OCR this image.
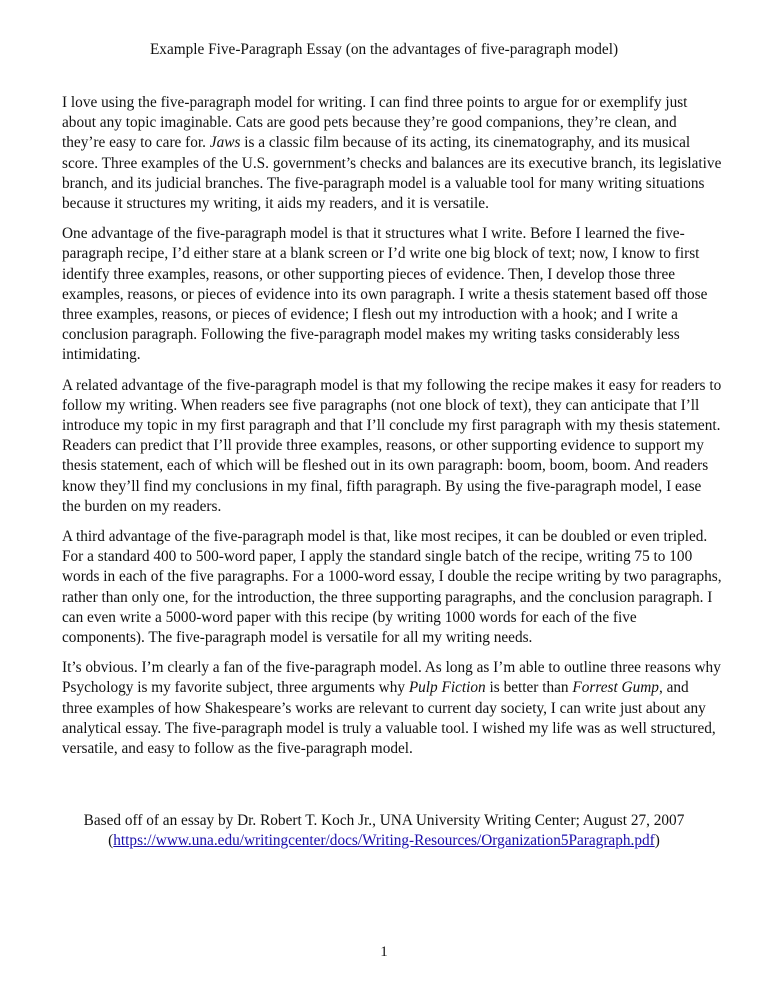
Example Five-Paragraph Essay (on the advantages of five-paragraph model)

I love using the five-paragraph model for writing. I can find three points to argue for or exemplify just about any topic imaginable. Cats are good pets because they’re good companions, they’re clean, and they’re easy to care for. Jaws is a classic film because of its acting, its cinematography, and its musical score. Three examples of the U.S. government’s checks and balances are its executive branch, its legislative branch, and its judicial branches. The five-paragraph model is a valuable tool for many writing situations because it structures my writing, it aids my readers, and it is versatile.

One advantage of the five-paragraph model is that it structures what I write. Before I learned the five-paragraph recipe, I’d either stare at a blank screen or I’d write one big block of text; now, I know to first identify three examples, reasons, or other supporting pieces of evidence. Then, I develop those three examples, reasons, or pieces of evidence into its own paragraph. I write a thesis statement based off those three examples, reasons, or pieces of evidence; I flesh out my introduction with a hook; and I write a conclusion paragraph. Following the five-paragraph model makes my writing tasks considerably less intimidating.

A related advantage of the five-paragraph model is that my following the recipe makes it easy for readers to follow my writing. When readers see five paragraphs (not one block of text), they can anticipate that I’ll introduce my topic in my first paragraph and that I’ll conclude my first paragraph with my thesis statement. Readers can predict that I’ll provide three examples, reasons, or other supporting evidence to support my thesis statement, each of which will be fleshed out in its own paragraph: boom, boom, boom. And readers know they’ll find my conclusions in my final, fifth paragraph. By using the five-paragraph model, I ease the burden on my readers.

A third advantage of the five-paragraph model is that, like most recipes, it can be doubled or even tripled. For a standard 400 to 500-word paper, I apply the standard single batch of the recipe, writing 75 to 100 words in each of the five paragraphs. For a 1000-word essay, I double the recipe writing by two paragraphs, rather than only one, for the introduction, the three supporting paragraphs, and the conclusion paragraph. I can even write a 5000-word paper with this recipe (by writing 1000 words for each of the five components). The five-paragraph model is versatile for all my writing needs.

It’s obvious. I’m clearly a fan of the five-paragraph model. As long as I’m able to outline three reasons why Psychology is my favorite subject, three arguments why Pulp Fiction is better than Forrest Gump, and three examples of how Shakespeare’s works are relevant to current day society, I can write just about any analytical essay. The five-paragraph model is truly a valuable tool. I wished my life was as well structured, versatile, and easy to follow as the five-paragraph model.

Based off of an essay by Dr. Robert T. Koch Jr., UNA University Writing Center; August 27, 2007
(https://www.una.edu/writingcenter/docs/Writing-Resources/Organization5Paragraph.pdf)
1
